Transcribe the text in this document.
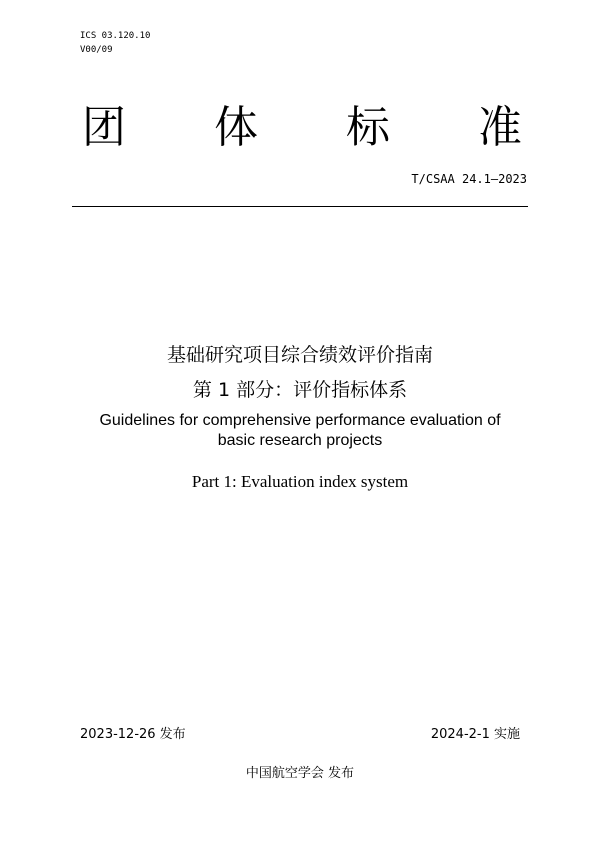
ICS 03.120.10
V00/09
团 体 标 准
T/CSAA 24.1—2023
基础研究项目综合绩效评价指南
第 1 部分：评价指标体系
Guidelines for comprehensive performance evaluation of
basic research projects
Part 1: Evaluation index system
2023-12-26 发布	2024-2-1 实施
中国航空学会 发布
